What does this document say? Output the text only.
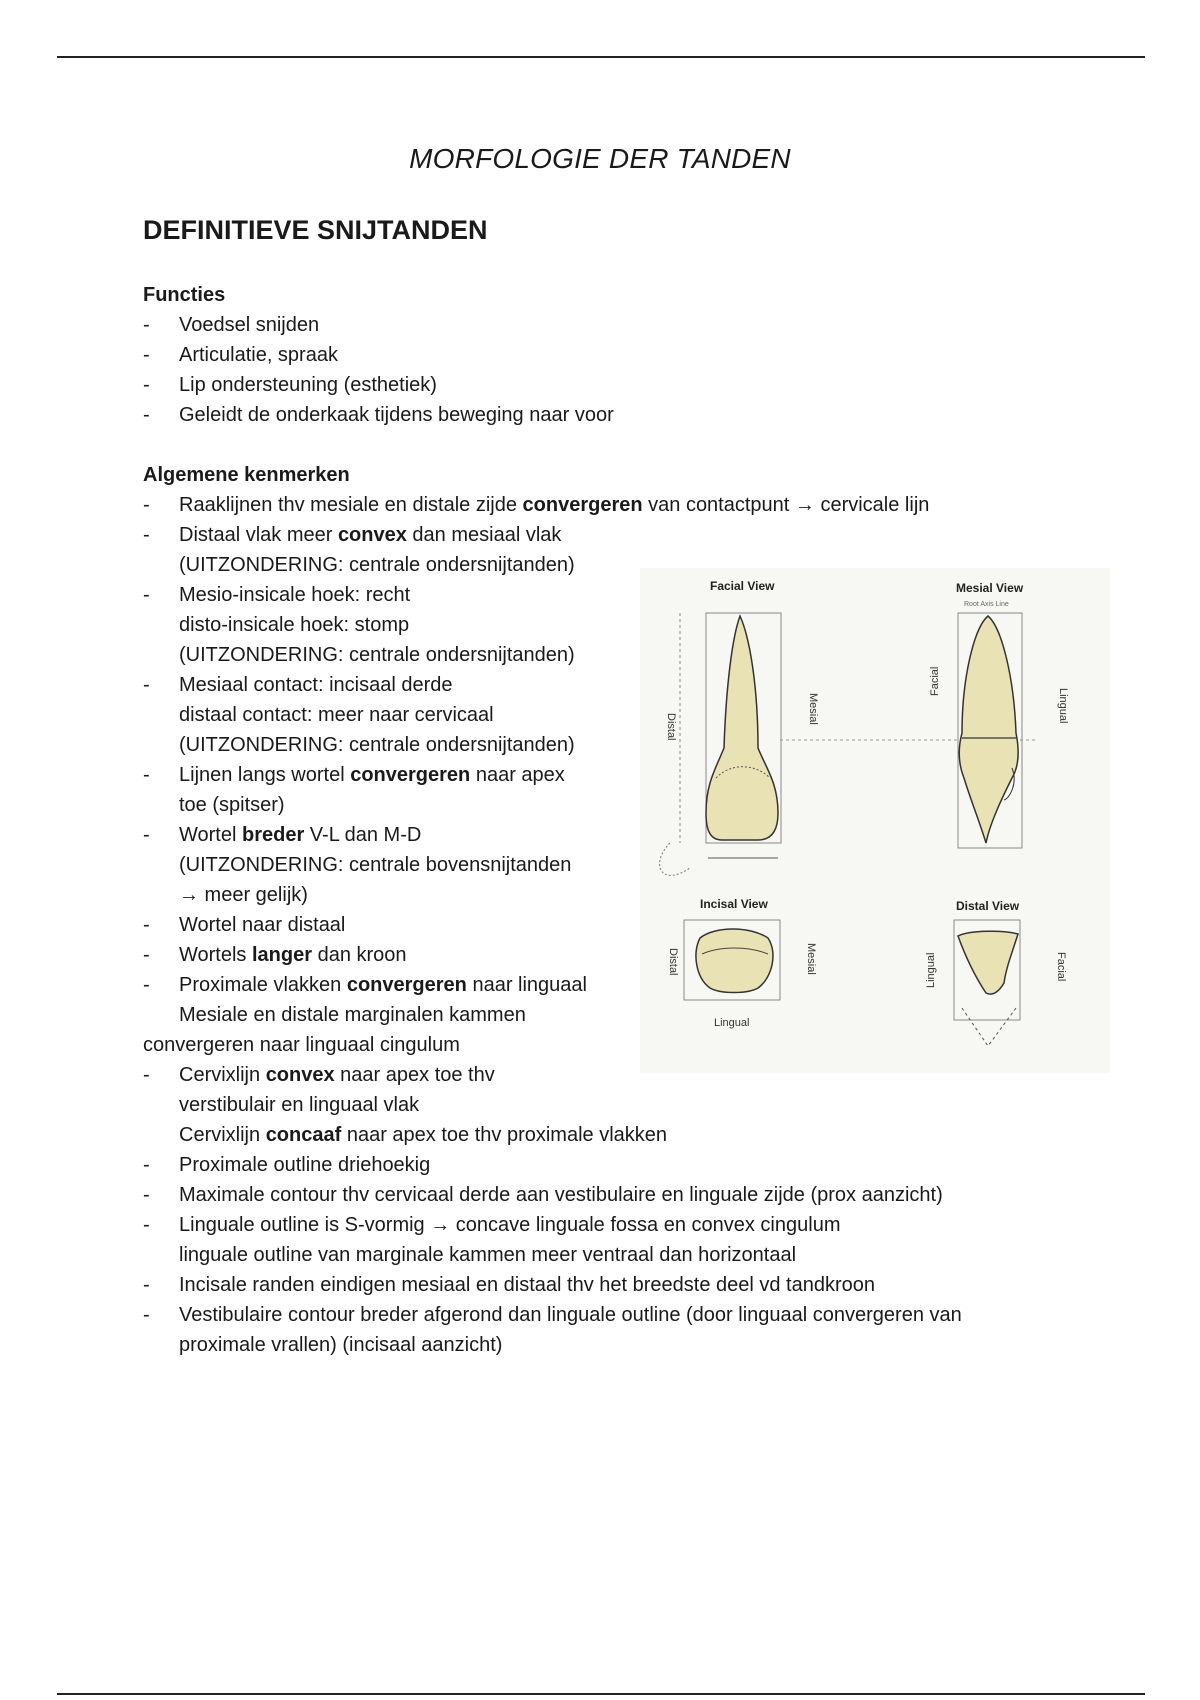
MORFOLOGIE DER TANDEN
DEFINITIEVE SNIJTANDEN
Functies
-	Voedsel snijden
-	Articulatie, spraak
-	Lip ondersteuning (esthetiek)
-	Geleidt de onderkaak tijdens beweging naar voor
Algemene kenmerken
-	Raaklijnen thv mesiale en distale zijde convergeren van contactpunt → cervicale lijn
-	Distaal vlak meer convex dan mesiaal vlak
(UITZONDERING: centrale ondersnijtanden)
-	Mesio-insicale hoek: recht
disto-insicale hoek: stomp
(UITZONDERING: centrale ondersnijtanden)
-	Mesiaal contact: incisaal derde
distaal contact: meer naar cervicaal
(UITZONDERING: centrale ondersnijtanden)
-	Lijnen langs wortel convergeren naar apex
toe (spitser)
-	Wortel breder V-L dan M-D
(UITZONDERING: centrale bovensnijtanden
→ meer gelijk)
-	Wortel naar distaal
-	Wortels langer dan kroon
-	Proximale vlakken convergeren naar linguaal
Mesiale en distale marginalen kammen
convergeren naar linguaal cingulum
-	Cervixlijn convex naar apex toe thv
verstibulair en linguaal vlak
Cervixlijn concaaf naar apex toe thv proximale vlakken
-	Proximale outline driehoekig
-	Maximale contour thv cervicaal derde aan vestibulaire en linguale zijde (prox aanzicht)
-	Linguale outline is S-vormig → concave linguale fossa en convex cingulum
linguale outline van marginale kammen meer ventraal dan horizontaal
-	Incisale randen eindigen mesiaal en distaal thv het breedste deel vd tandkroon
-	Vestibulaire contour breder afgerond dan linguale outline (door linguaal convergeren van
proximale vrallen) (incisaal aanzicht)
Facial View
Distal
Mesial
Mesial View
Root Axis Line
Facial
Lingual
Incisal View
Distal	Mesial
Lingual
Distal View
Lingual	Facial
